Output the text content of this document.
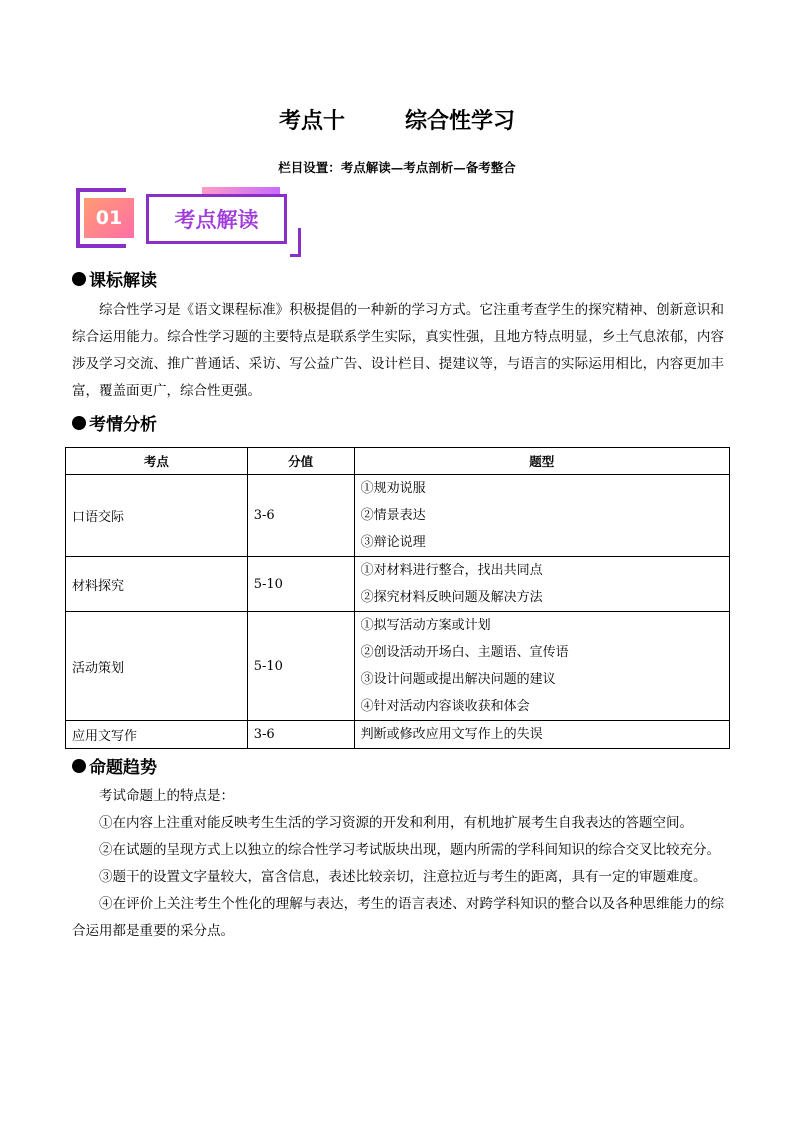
考点十	综合性学习
栏目设置：考点解读—考点剖析—备考整合
01	考点解读
课标解读
综合性学习是《语文课程标准》积极提倡的一种新的学习方式。它注重考查学生的探究精神、创新意识和综合运用能力。综合性学习题的主要特点是联系学生实际，真实性强，且地方特点明显，乡土气息浓郁，内容涉及学习交流、推广普通话、采访、写公益广告、设计栏目、提建议等，与语言的实际运用相比，内容更加丰富，覆盖面更广，综合性更强。
考情分析
考点	分值	题型
口语交际	3-6	①规劝说服
②情景表达
③辩论说理

材料探究	5-10	①对材料进行整合，找出共同点
②探究材料反映问题及解决方法

活动策划	5-10	①拟写活动方案或计划
②创设活动开场白、主题语、宣传语
③设计问题或提出解决问题的建议
④针对活动内容谈收获和体会

应用文写作	3-6	判断或修改应用文写作上的失误
命题趋势

考试命题上的特点是：

①在内容上注重对能反映考生生活的学习资源的开发和利用，有机地扩展考生自我表达的答题空间。

②在试题的呈现方式上以独立的综合性学习考试版块出现，题内所需的学科间知识的综合交叉比较充分。

③题干的设置文字量较大，富含信息，表述比较亲切，注意拉近与考生的距离，具有一定的审题难度。

④在评价上关注考生个性化的理解与表达，考生的语言表述、对跨学科知识的整合以及各种思维能力的综合运用都是重要的采分点。
